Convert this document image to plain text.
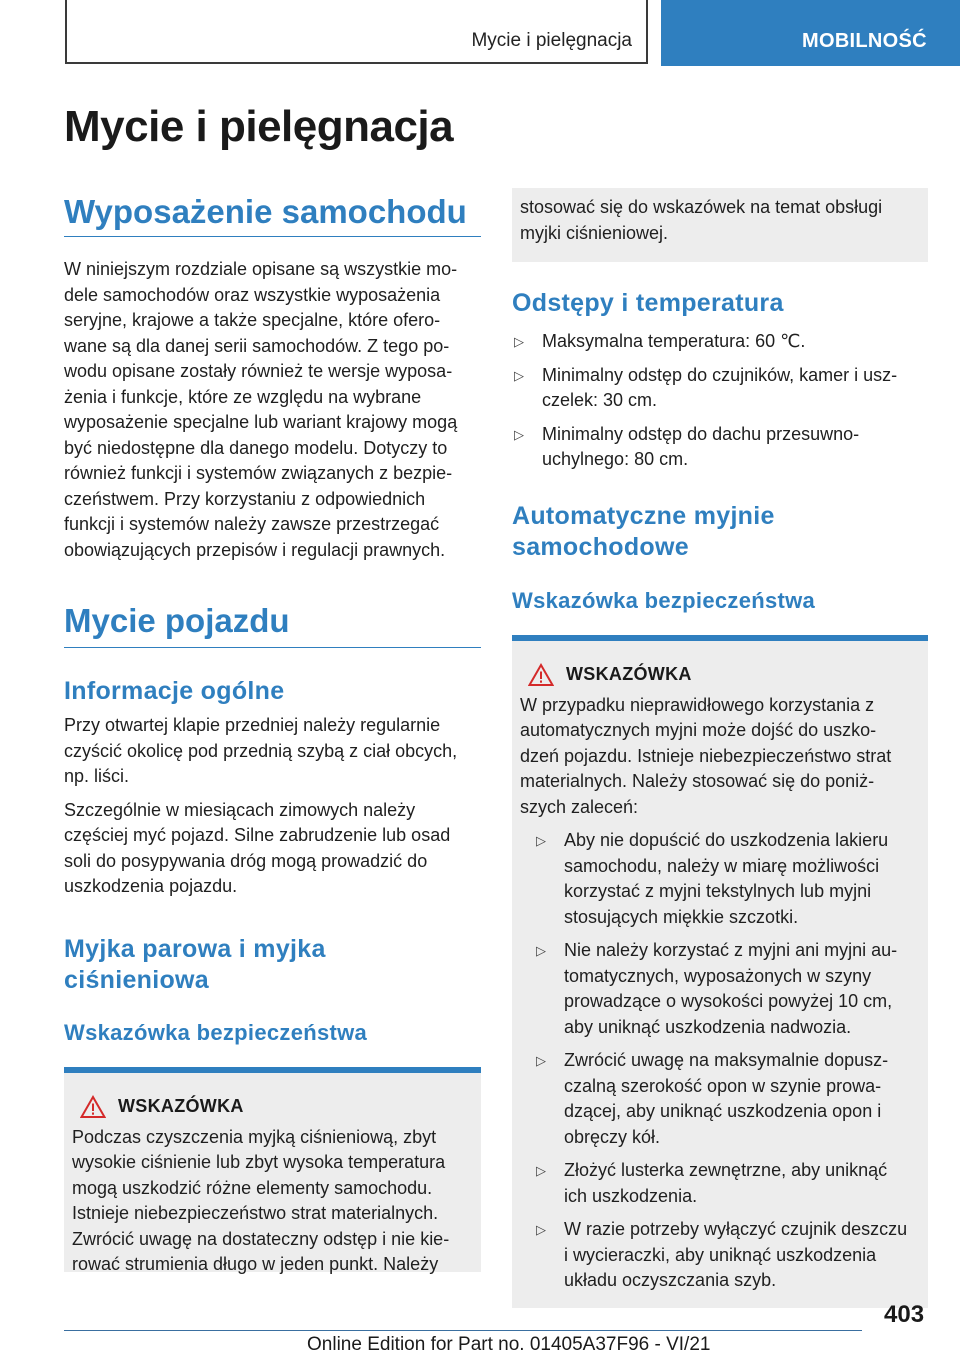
Mycie i pielęgnacja	MOBILNOŚĆ
Mycie i pielęgnacja
Wyposażenie samochodu

W niniejszym rozdziale opisane są wszystkie mo-
dele samochodów oraz wszystkie wyposażenia
seryjne, krajowe a także specjalne, które ofero-
wane są dla danej serii samochodów. Z tego po-
wodu opisane zostały również te wersje wyposa-
żenia i funkcje, które ze względu na wybrane
wyposażenie specjalne lub wariant krajowy mogą
być niedostępne dla danego modelu. Dotyczy to
również funkcji i systemów związanych z bezpie-
czeństwem. Przy korzystaniu z odpowiednich
funkcji i systemów należy zawsze przestrzegać
obowiązujących przepisów i regulacji prawnych.

Mycie pojazdu
Informacje ogólne

Przy otwartej klapie przedniej należy regularnie
czyścić okolicę pod przednią szybą z ciał obcych,
np. liści.

Szczególnie w miesiącach zimowych należy
częściej myć pojazd. Silne zabrudzenie lub osad
soli do posypywania dróg mogą prowadzić do
uszkodzenia pojazdu.

Myjka parowa i myjka
ciśnieniowa
Wskazówka bezpieczeństwa
WSKAZÓWKA

Podczas czyszczenia myjką ciśnieniową, zbyt
wysokie ciśnienie lub zbyt wysoka temperatura
mogą uszkodzić różne elementy samochodu.
Istnieje niebezpieczeństwo strat materialnych.
Zwrócić uwagę na dostateczny odstęp i nie kie-
rować strumienia długo w jeden punkt. Należy

stosować się do wskazówek na temat obsługi
myjki ciśnieniowej.

Odstępy i temperatura
▷ Maksymalna temperatura: 60 ℃.
▷ Minimalny odstęp do czujników, kamer i usz-
czelek: 30 cm.
▷ Minimalny odstęp do dachu przesuwno-
uchylnego: 80 cm.
Automatyczne myjnie
samochodowe
Wskazówka bezpieczeństwa
WSKAZÓWKA

W przypadku nieprawidłowego korzystania z
automatycznych myjni może dojść do uszko-
dzeń pojazdu. Istnieje niebezpieczeństwo strat
materialnych. Należy stosować się do poniż-
szych zaleceń:

▷ Aby nie dopuścić do uszkodzenia lakieru
samochodu, należy w miarę możliwości
korzystać z myjni tekstylnych lub myjni
stosujących miękkie szczotki.
▷ Nie należy korzystać z myjni ani myjni au-
tomatycznych, wyposażonych w szyny
prowadzące o wysokości powyżej 10 cm,
aby uniknąć uszkodzenia nadwozia.
▷ Zwrócić uwagę na maksymalnie dopusz-
czalną szerokość opon w szynie prowa-
dzącej, aby uniknąć uszkodzenia opon i
obręczy kół.
▷ Złożyć lusterka zewnętrzne, aby uniknąć
ich uszkodzenia.
▷ W razie potrzeby wyłączyć czujnik deszczu
i wycieraczki, aby uniknąć uszkodzenia
układu oczyszczania szyb.
403
Online Edition for Part no. 01405A37F96 - VI/21
